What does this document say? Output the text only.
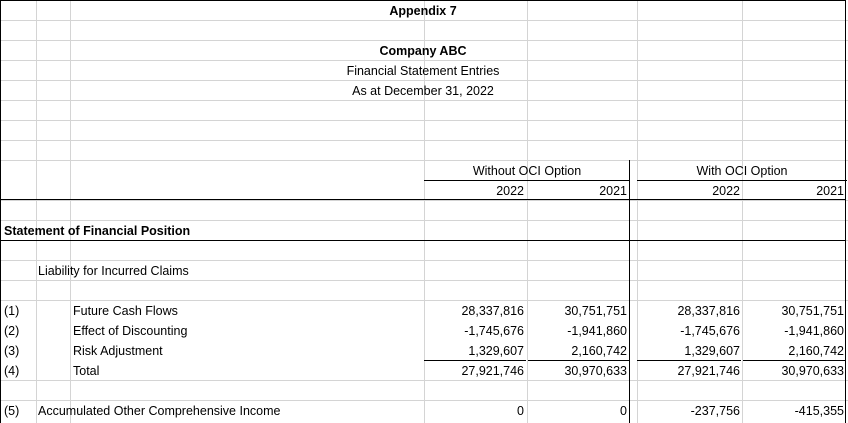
Appendix 7
Company ABC
Financial Statement Entries
As at December 31, 2022
Without OCI Option	With OCI Option
2022	2021	2022	2021
Statement of Financial Position
Liability for Incurred Claims
(1)	Future Cash Flows	28,337,816	30,751,751	28,337,816	30,751,751
(2)	Effect of Discounting	-1,745,676	-1,941,860	-1,745,676	-1,941,860
(3)	Risk Adjustment	1,329,607	2,160,742	1,329,607	2,160,742
(4)	Total	27,921,746	30,970,633	27,921,746	30,970,633
(5) Accumulated Other Comprehensive Income	0	0	-237,756	-415,355
